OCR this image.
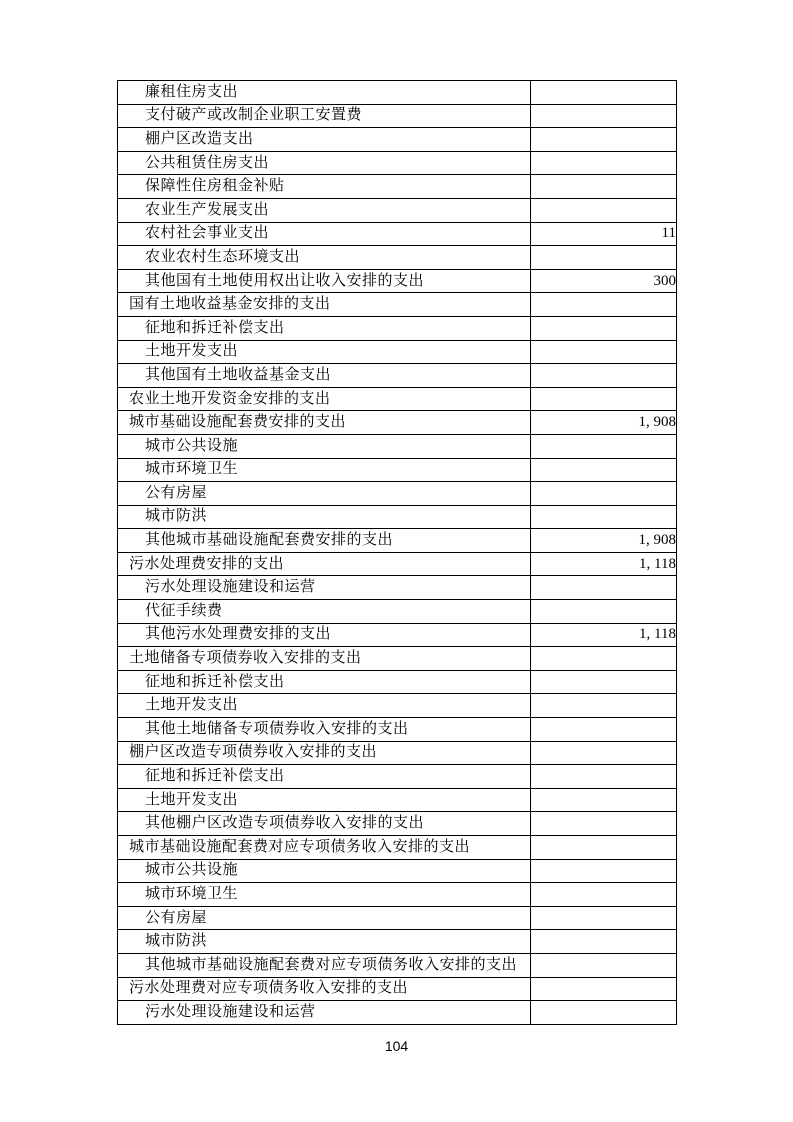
廉租住房支出	
支付破产或改制企业职工安置费	
棚户区改造支出	
公共租赁住房支出	
保障性住房租金补贴	
农业生产发展支出	
农村社会事业支出	11
农业农村生态环境支出	
其他国有土地使用权出让收入安排的支出	300
国有土地收益基金安排的支出	
征地和拆迁补偿支出	
土地开发支出	
其他国有土地收益基金支出	
农业土地开发资金安排的支出	
城市基础设施配套费安排的支出	1, 908
城市公共设施	
城市环境卫生	
公有房屋	
城市防洪	
其他城市基础设施配套费安排的支出	1, 908
污水处理费安排的支出	1, 118
污水处理设施建设和运营	
代征手续费	
其他污水处理费安排的支出	1, 118
土地储备专项债券收入安排的支出	
征地和拆迁补偿支出	
土地开发支出	
其他土地储备专项债券收入安排的支出	
棚户区改造专项债券收入安排的支出	
征地和拆迁补偿支出	
土地开发支出	
其他棚户区改造专项债券收入安排的支出	
城市基础设施配套费对应专项债务收入安排的支出	
城市公共设施	
城市环境卫生	
公有房屋	
城市防洪	
其他城市基础设施配套费对应专项债务收入安排的支出	
污水处理费对应专项债务收入安排的支出	
污水处理设施建设和运营	
104
